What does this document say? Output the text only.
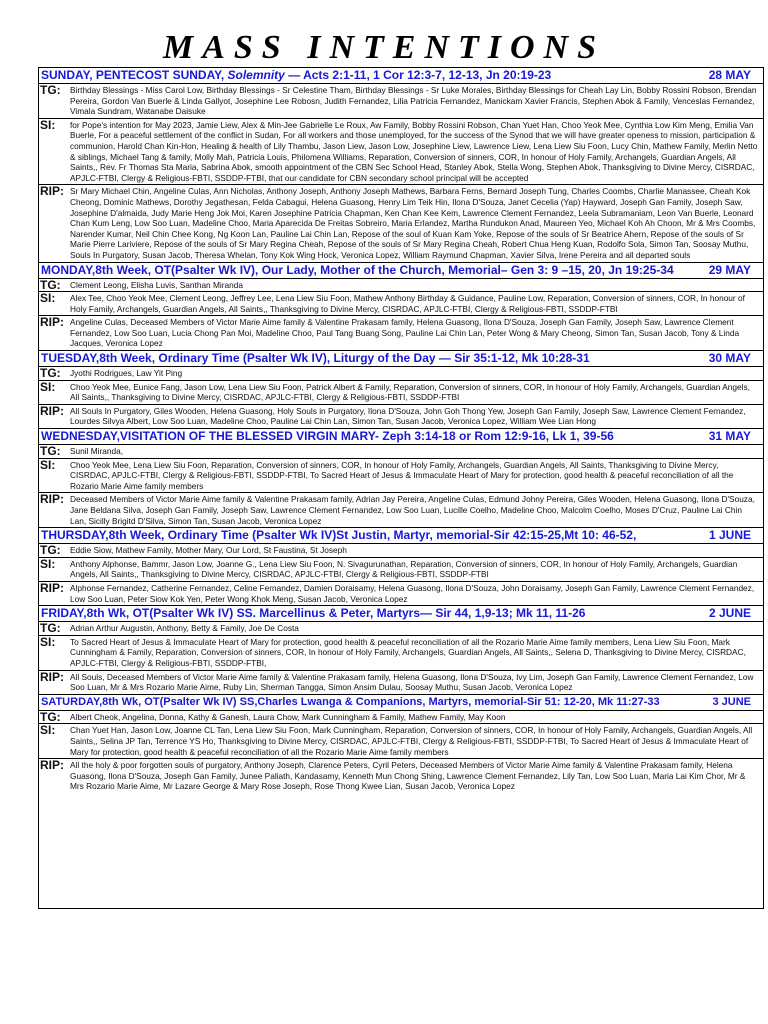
MASS INTENTIONS
SUNDAY, PENTECOST SUNDAY, Solemnity — Acts 2:1-11, 1 Cor 12:3-7, 12-13, Jn 20:19-23	28 MAY
TG:	Birthday Blessings - Miss Carol Low, Birthday Blessings - Sr Celestine Tham, Birthday Blessings - Sr Luke Morales, Birthday Blessings for Cheah Lay Lin, Bobby Rossini Robson, Brendan Pereira, Gordon Van Buerle & Linda Gallyot, Josephine Lee Robosn, Judith Fernandez, Lilia Patricia Fernandez, Manickam Xavier Francis, Stephen Abok & Family, Venceslas Fernandez, Vimala Sundram, Watanabe Daisuke
SI:	for Pope's intention for May 2023, Jamie Liew, Alex & Min-Jee Gabrielle Le Roux, Aw Family, Bobby Rossini Robson, Chan Yuet Han, Choo Yeok Mee, Cynthia Low Kim Meng, Emilia Van Buerle, For a peaceful settlement of the conflict in Sudan, For all workers and those unemployed, for the success of the Synod that we will have greater openess to mission, participation & communion, Harold Chan Kin-Hon, Healing & health of Lily Thambu, Jason Liew, Jason Low, Josephine Liew, Lawrence Liew, Lena Liew Siu Foon, Lucy Chin, Mathew Family, Merlin Netto & siblings, Michael Tang & family, Molly Mah, Patricia Louis, Philomena Williams, Reparation, Conversion of sinners, COR, In honour of Holy Family, Archangels, Guardian Angels, All Saints,, Rev. Fr Thomas Sta Maria, Sabrina Abok, smooth appointment of the CBN Sec School Head, Stanley Abok, Stella Wong, Stephen Abok, Thanksgiving to Divine Mercy, CISRDAC, APJLC-FTBI, Clergy & Religious-FBTI, SSDDP-FTBI, that our candidate for CBN secondary school principal will be accepted
RIP: Sr Mary Michael Chin, Angeline Culas, Ann Nicholas, Anthony Joseph, Anthony Joseph Mathews, Barbara Ferns, Bernard Joseph Tung, Charles Coombs, Charlie Manassee, Cheah Kok Cheong, Dominic Mathews, Dorothy Jegathesan, Felda Cabagui, Helena Guasong, Henry Lim Teik Hin, Ilona D'Souza, Janet Cecelia (Yap) Hayward, Joseph Gan Family, Joseph Saw, Josephine D'almaida, Judy Marie Heng Jok Moi, Karen Josephine Patricia Chapman, Ken Chan Kee Kem, Lawrence Clement Fernandez, Leela Subramaniam, Leon Van Buerle, Leonard Chan Kum Leng, Low Soo Luan, Madeline Choo, Maria Aparecida De Freitas Sobreiro, Maria Erlandez, Martha Rundukon Anad, Maureen Yeo, Michael Koh Ah Choon, Mr & Mrs Coombs, Narender Kumar, Neil Chin Chee Kong, Ng Koon Lan, Pauline Lai Chin Lan, Repose of the soul of Kuan Kam Yoke, Repose of the souls of Sr Beatrice Ahern, Repose of the souls of Sr Marie Pierre Lariviere, Repose of the souls of Sr Mary Regina Cheah, Repose of the souls of Sr Mary Regina Cheah, Robert Chua Heng Kuan, Rodolfo Sola, Simon Tan, Soosay Muthu, Souls In Purgatory, Susan Jacob, Theresa Whelan, Tony Kok Wing Hock, Veronica Lopez, William Raymund Chapman, Xavier Silva, Irene Pereira and all departed souls
MONDAY,8th Week, OT(Psalter Wk IV), Our Lady, Mother of the Church, Memorial– Gen 3: 9 –15, 20, Jn 19:25-34	29 MAY
TG:	Clement Leong, Elisha Luvis, Santhan Miranda
SI:	Alex Tee, Choo Yeok Mee, Clement Leong, Jeffrey Lee, Lena Liew Siu Foon, Mathew Anthony Birthday & Guidance, Pauline Low, Reparation, Conversion of sinners, COR, In honour of Holy Family, Archangels, Guardian Angels, All Saints,, Thanksgiving to Divine Mercy, CISRDAC, APJLC-FTBI, Clergy & Religious-FBTI, SSDDP-FTBI
RIP: Angeline Culas, Deceased Members of Victor Marie Aime family & Valentine Prakasam family, Helena Guasong, Ilona D'Souza, Joseph Gan Family, Joseph Saw, Lawrence Clement Fernandez, Low Soo Luan, Lucia Chong Pan Moi, Madeline Choo, Paul Tang Buang Song, Pauline Lai Chin Lan, Peter Wong & Mary Cheong, Simon Tan, Susan Jacob, Tony & Linda Jacques, Veronica Lopez
TUESDAY,8th Week, Ordinary Time (Psalter Wk IV), Liturgy of the Day — Sir 35:1-12, Mk 10:28-31	30 MAY
TG:	Jyothi Rodrigues, Law Yit Ping
SI:	Choo Yeok Mee, Eunice Fang, Jason Low, Lena Liew Siu Foon, Patrick Albert & Family, Reparation, Conversion of sinners, COR, In honour of Holy Family, Archangels, Guardian Angels, All Saints,, Thanksgiving to Divine Mercy, CISRDAC, APJLC-FTBI, Clergy & Religious-FBTI, SSDDP-FTBI
RIP: All Souls In Purgatory, Giles Wooden, Helena Guasong, Holy Souls in Purgatory, Ilona D'Souza, John Goh Thong Yew, Joseph Gan Family, Joseph Saw, Lawrence Clement Fernandez, Lourdes Silvya Albert, Low Soo Luan, Madeline Choo, Pauline Lai Chin Lan, Simon Tan, Susan Jacob, Veronica Lopez, William Wee Lian Hong
WEDNESDAY,VISITATION OF THE BLESSED VIRGIN MARY- Zeph 3:14-18 or Rom 12:9-16, Lk 1, 39-56	31 MAY
TG:	Sunil Miranda,
SI:	Choo Yeok Mee, Lena Liew Siu Foon, Reparation, Conversion of sinners, COR, In honour of Holy Family, Archangels, Guardian Angels, All Saints, Thanksgiving to Divine Mercy, CISRDAC, APJLC-FTBI, Clergy & Religious-FBTI, SSDDP-FTBI, To Sacred Heart of Jesus & Immaculate Heart of Mary for protection, good health & peaceful reconciliation of all the Rozario Marie Aime family members
RIP: Deceased Members of Victor Marie Aime family & Valentine Prakasam family, Adrian Jay Pereira, Angeline Culas, Edmund Johny Pereira, Giles Wooden, Helena Guasong, Ilona D'Souza, Jane Beldana Silva, Joseph Gan Family, Joseph Saw, Lawrence Clement Fernandez, Low Soo Luan, Lucille Coelho, Madeline Choo, Malcolm Coelho, Moses D'Cruz, Pauline Lai Chin Lan, Sicilly Brigitd D'Silva, Simon Tan, Susan Jacob, Veronica Lopez
THURSDAY,8th Week, Ordinary Time (Psalter Wk IV)St Justin, Martyr, memorial-Sir 42:15-25,Mt 10: 46-52,	1 JUNE
TG:	Eddie Siow, Mathew Family, Mother Mary, Our Lord, St Faustina, St Joseph
SI:	Anthony Alphonse, Bammr, Jason Low, Joanne G., Lena Liew Siu Foon, N. Sivagurunathan, Reparation, Conversion of sinners, COR, In honour of Holy Family, Archangels, Guardian Angels, All Saints,, Thanksgiving to Divine Mercy, CISRDAC, APJLC-FTBI, Clergy & Religious-FBTI, SSDDP-FTBI
RIP: Alphonse Fernandez, Catherine Fernandez, Celine Fernandez, Damien Doraisamy, Helena Guasong, Ilona D'Souza, John Doraisamy, Joseph Gan Family, Lawrence Clement Fernandez, Low Soo Luan, Peter Siow Kok Yen, Peter Wong Khok Meng, Susan Jacob, Veronica Lopez
FRIDAY,8th Wk, OT(Psalter Wk IV) SS. Marcellinus & Peter, Martyrs— Sir 44, 1,9-13; Mk 11, 11-26	2 JUNE
TG:	Adrian Arthur Augustin, Anthony, Betty & Family, Joe De Costa
SI:	To Sacred Heart of Jesus & Immaculate Heart of Mary for protection, good health & peaceful reconciliation of all the Rozario Marie Aime family members, Lena Liew Siu Foon, Mark Cunningham & Family, Reparation, Conversion of sinners, COR, In honour of Holy Family, Archangels, Guardian Angels, All Saints,, Selena D, Thanksgiving to Divine Mercy, CISRDAC, APJLC-FTBI, Clergy & Religious-FBTI, SSDDP-FTBI,
RIP: All Souls, Deceased Members of Victor Marie Aime family & Valentine Prakasam family, Helena Guasong, Ilona D'Souza, Ivy Lim, Joseph Gan Family, Lawrence Clement Fernandez, Low Soo Luan, Mr & Mrs Rozario Marie Aime, Ruby Lin, Sherman Tangga, Simon Ansim Dulau, Soosay Muthu, Susan Jacob, Veronica Lopez
SATURDAY,8th Wk, OT(Psalter Wk IV) SS,Charles Lwanga & Companions, Martyrs, memorial-Sir 51: 12-20, Mk 11:27-33	3 JUNE
TG:	Albert Cheok, Angelina, Donna, Kathy & Ganesh, Laura Chow, Mark Cunningham & Family, Mathew Family, May Koon
SI:	Chan Yuet Han, Jason Low, Joanne CL Tan, Lena Liew Siu Foon, Mark Cunningham, Reparation, Conversion of sinners, COR, In honour of Holy Family, Archangels, Guardian Angels, All Saints,, Selina JP Tan, Terrence YS Ho, Thanksgiving to Divine Mercy, CISRDAC, APJLC-FTBI, Clergy & Religious-FBTI, SSDDP-FTBI, To Sacred Heart of Jesus & Immaculate Heart of Mary for protection, good health & peaceful reconciliation of all the Rozario Marie Aime family members
RIP: All the holy & poor forgotten souls of purgatory, Anthony Joseph, Clarence Peters, Cyril Peters, Deceased Members of Victor Marie Aime family & Valentine Prakasam family, Helena Guasong, Ilona D'Souza, Joseph Gan Family, Junee Paliath, Kandasamy, Kenneth Mun Chong Shing, Lawrence Clement Fernandez, Lily Tan, Low Soo Luan, Maria Lai Kim Chor, Mr & Mrs Rozario Marie Aime, Mr Lazare George & Mary Rose Joseph, Rose Thong Kwee Lian, Susan Jacob, Veronica Lopez
